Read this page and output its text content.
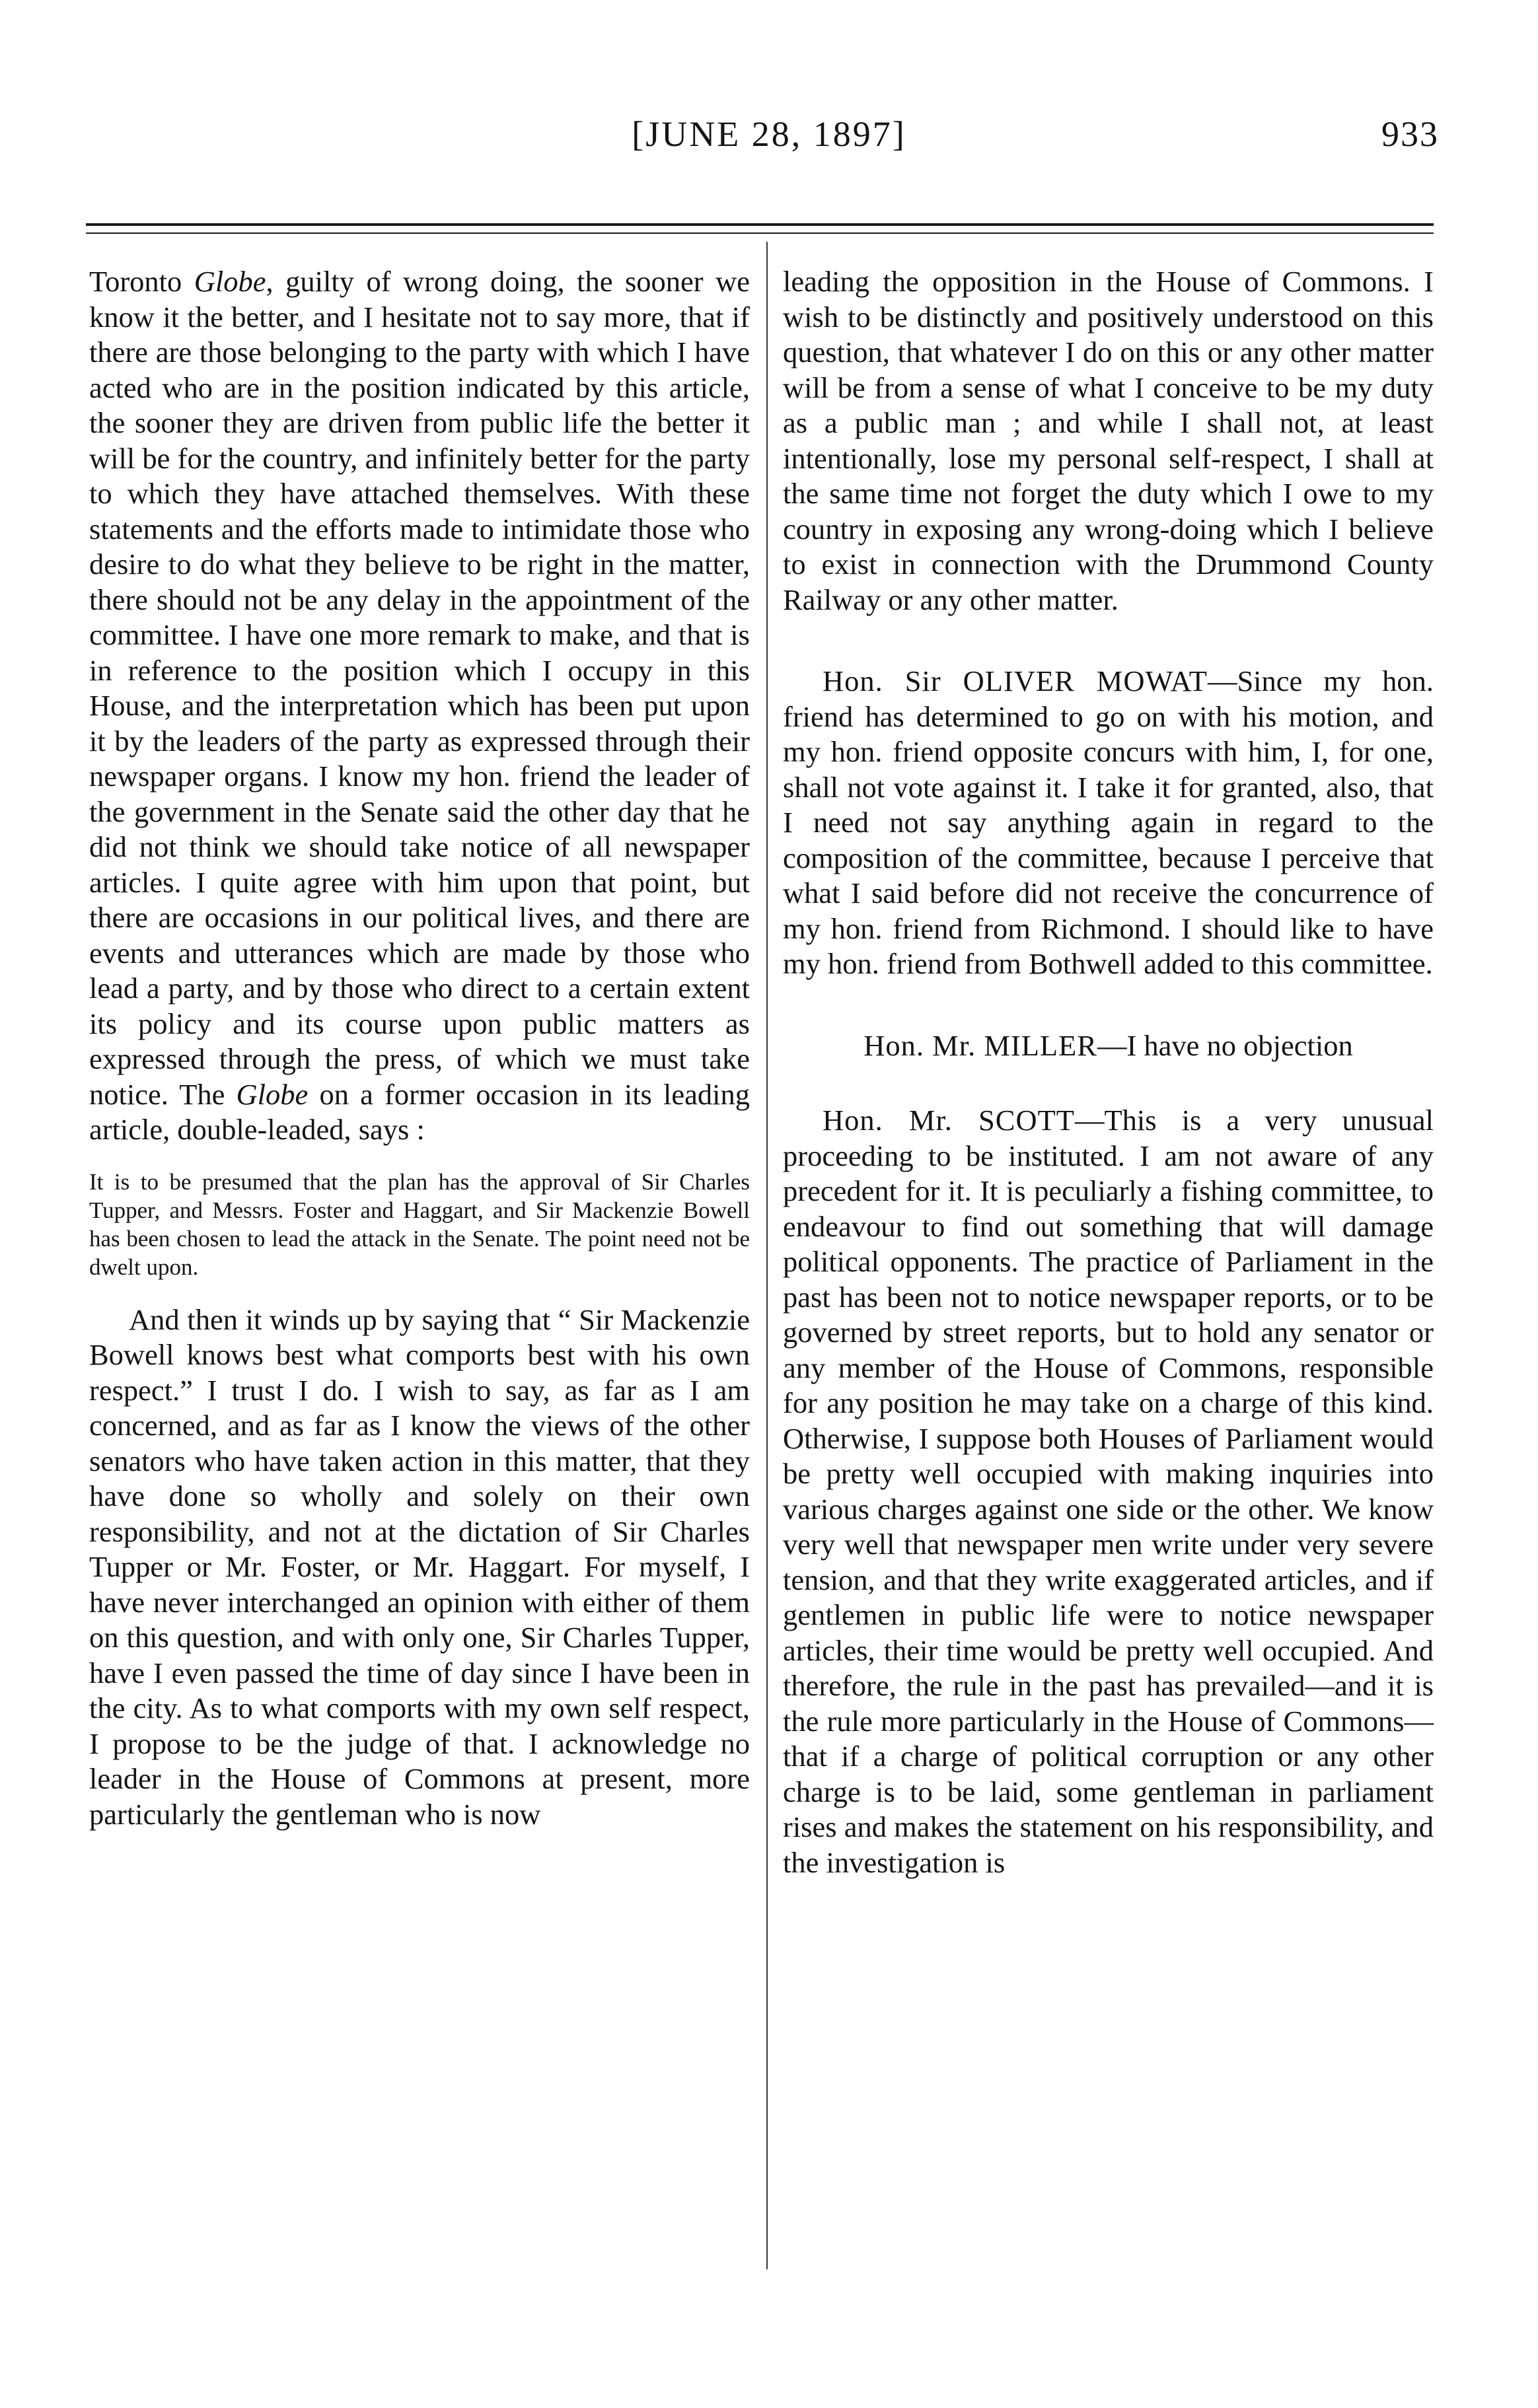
[JUNE 28, 1897]	933

Toronto Globe, guilty of wrong doing, the sooner we know it the better, and I hesitate not to say more, that if there are those belonging to the party with which I have acted who are in the position indicated by this article, the sooner they are driven from public life the better it will be for the country, and infinitely better for the party to which they have attached themselves. With these statements and the efforts made to intimidate those who desire to do what they believe to be right in the matter, there should not be any delay in the appointment of the committee. I have one more remark to make, and that is in reference to the position which I occupy in this House, and the interpretation which has been put upon it by the leaders of the party as expressed through their newspaper organs. I know my hon. friend the leader of the government in the Senate said the other day that he did not think we should take notice of all newspaper articles. I quite agree with him upon that point, but there are occasions in our political lives, and there are events and utterances which are made by those who lead a party, and by those who direct to a certain extent its policy and its course upon public matters as expressed through the press, of which we must take notice. The Globe on a former occasion in its leading article, double-leaded, says :

It is to be presumed that the plan has the approval of Sir Charles Tupper, and Messrs. Foster and Haggart, and Sir Mackenzie Bowell has been chosen to lead the attack in the Senate. The point need not be dwelt upon.

And then it winds up by saying that “ Sir Mackenzie Bowell knows best what comports best with his own respect.” I trust I do. I wish to say, as far as I am concerned, and as far as I know the views of the other senators who have taken action in this matter, that they have done so wholly and solely on their own responsibility, and not at the dictation of Sir Charles Tupper or Mr. Foster, or Mr. Haggart. For myself, I have never interchanged an opinion with either of them on this question, and with only one, Sir Charles Tupper, have I even passed the time of day since I have been in the city. As to what comports with my own self respect, I propose to be the judge of that. I acknowledge no leader in the House of Commons at present, more particularly the gentleman who is now

leading the opposition in the House of Commons. I wish to be distinctly and positively understood on this question, that whatever I do on this or any other matter will be from a sense of what I conceive to be my duty as a public man ; and while I shall not, at least intentionally, lose my personal self-respect, I shall at the same time not forget the duty which I owe to my country in exposing any wrong-doing which I believe to exist in connection with the Drummond County Railway or any other matter.

Hon. Sir OLIVER MOWAT—Since my hon. friend has determined to go on with his motion, and my hon. friend opposite concurs with him, I, for one, shall not vote against it. I take it for granted, also, that I need not say anything again in regard to the composition of the committee, because I perceive that what I said before did not receive the concurrence of my hon. friend from Richmond. I should like to have my hon. friend from Bothwell added to this committee.

Hon. Mr. MILLER—I have no objection

Hon. Mr. SCOTT—This is a very unusual proceeding to be instituted. I am not aware of any precedent for it. It is peculiarly a fishing committee, to endeavour to find out something that will damage political opponents. The practice of Parliament in the past has been not to notice newspaper reports, or to be governed by street reports, but to hold any senator or any member of the House of Commons, responsible for any position he may take on a charge of this kind. Otherwise, I suppose both Houses of Parliament would be pretty well occupied with making inquiries into various charges against one side or the other. We know very well that newspaper men write under very severe tension, and that they write exaggerated articles, and if gentlemen in public life were to notice newspaper articles, their time would be pretty well occupied. And therefore, the rule in the past has prevailed—and it is the rule more particularly in the House of Commons—that if a charge of political corruption or any other charge is to be laid, some gentleman in parliament rises and makes the statement on his responsibility, and the investigation is
